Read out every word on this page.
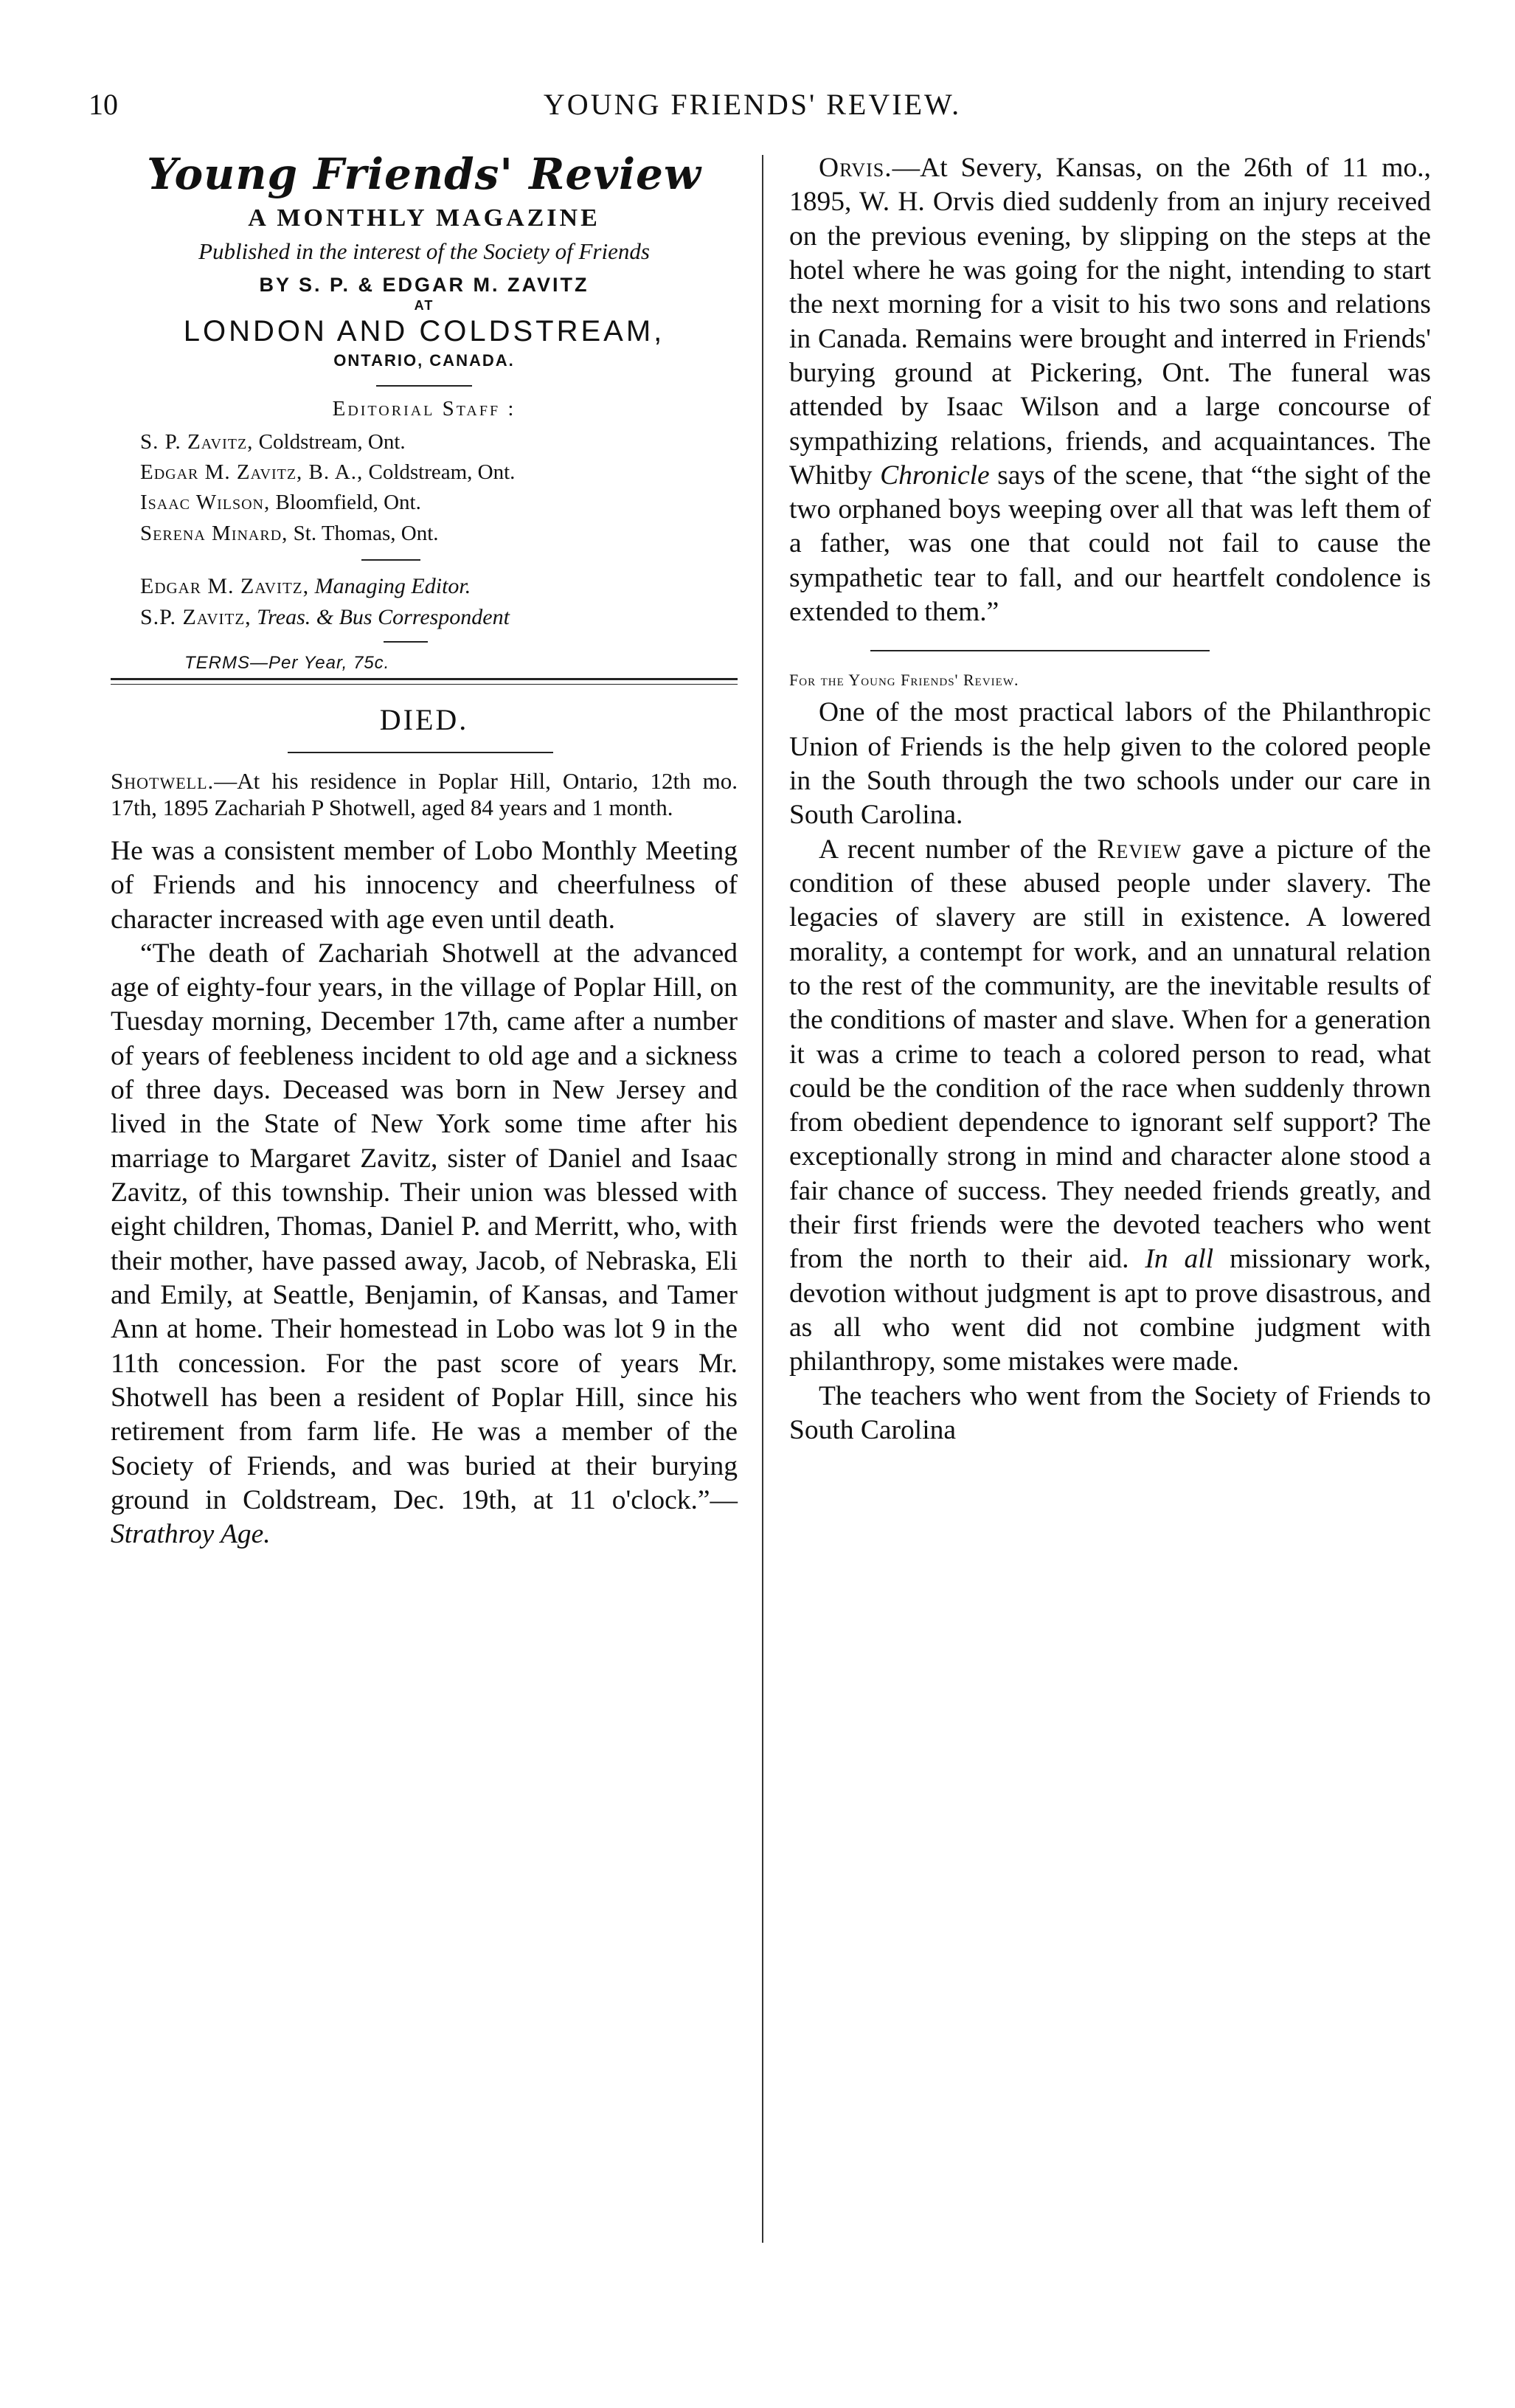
10	YOUNG FRIENDS' REVIEW.

Young Friends' Review

A MONTHLY MAGAZINE

Published in the interest of the Society of Friends

BY S. P. & EDGAR M. ZAVITZ

AT

LONDON AND COLDSTREAM,

ONTARIO, CANADA.

Editorial Staff :

S. P. Zavitz, Coldstream, Ont.

Edgar M. Zavitz, B. A., Coldstream, Ont.

Isaac Wilson, Bloomfield, Ont.

Serena Minard, St. Thomas, Ont.

Edgar M. Zavitz, Managing Editor.

S.P. Zavitz, Treas. & Bus Correspondent

TERMS—Per Year, 75c.

DIED.

Shotwell.—At his residence in Poplar Hill, Ontario, 12th mo. 17th, 1895 Zachariah P Shotwell, aged 84 years and 1 month.

He was a consistent member of Lobo Monthly Meeting of Friends and his innocency and cheerfulness of character increased with age even until death.

“The death of Zachariah Shotwell at the advanced age of eighty-four years, in the village of Poplar Hill, on Tuesday morning, December 17th, came after a number of years of feebleness incident to old age and a sickness of three days. Deceased was born in New Jersey and lived in the State of New York some time after his marriage to Margaret Zavitz, sister of Daniel and Isaac Zavitz, of this township. Their union was blessed with eight children, Thomas, Daniel P. and Merritt, who, with their mother, have passed away, Jacob, of Nebraska, Eli and Emily, at Seattle, Benjamin, of Kansas, and Tamer Ann at home. Their homestead in Lobo was lot 9 in the 11th concession. For the past score of years Mr. Shotwell has been a resident of Poplar Hill, since his retirement from farm life. He was a member of the Society of Friends, and was buried at their burying ground in Coldstream, Dec. 19th, at 11 o'clock.”—Strathroy Age.

Orvis.—At Severy, Kansas, on the 26th of 11 mo., 1895, W. H. Orvis died suddenly from an injury received on the previous evening, by slipping on the steps at the hotel where he was going for the night, intending to start the next morning for a visit to his two sons and relations in Canada. Remains were brought and interred in Friends' burying ground at Pickering, Ont. The funeral was attended by Isaac Wilson and a large concourse of sympathizing relations, friends, and acquaintances. The Whitby Chronicle says of the scene, that “the sight of the two orphaned boys weeping over all that was left them of a father, was one that could not fail to cause the sympathetic tear to fall, and our heartfelt condolence is extended to them.”

For the Young Friends' Review.

One of the most practical labors of the Philanthropic Union of Friends is the help given to the colored people in the South through the two schools under our care in South Carolina.

A recent number of the Review gave a picture of the condition of these abused people under slavery. The legacies of slavery are still in existence. A lowered morality, a contempt for work, and an unnatural relation to the rest of the community, are the inevitable results of the conditions of master and slave. When for a generation it was a crime to teach a colored person to read, what could be the condition of the race when suddenly thrown from obedient dependence to ignorant self support? The exceptionally strong in mind and character alone stood a fair chance of success. They needed friends greatly, and their first friends were the devoted teachers who went from the north to their aid. In all missionary work, devotion without judgment is apt to prove disastrous, and as all who went did not combine judgment with philanthropy, some mistakes were made.

The teachers who went from the Society of Friends to South Carolina
